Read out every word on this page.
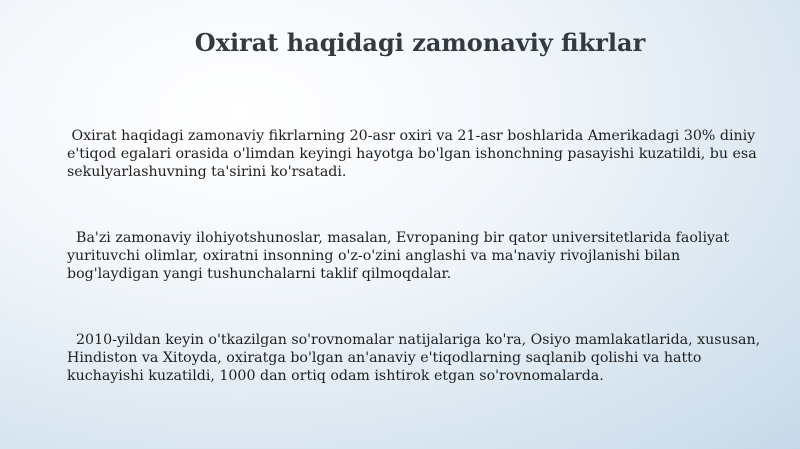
Oxirat haqidagi zamonaviy fikrlar

Oxirat haqidagi zamonaviy fikrlarning 20-asr oxiri va 21-asr boshlarida Amerikadagi 30% diniy e'tiqod egalari orasida o'limdan keyingi hayotga bo'lgan ishonchning pasayishi kuzatildi, bu esa sekulyarlashuvning ta'sirini ko'rsatadi.

Ba'zi zamonaviy ilohiyotshunoslar, masalan, Evropaning bir qator universitetlarida faoliyat yurituvchi olimlar, oxiratni insonning o'z-o'zini anglashi va ma'naviy rivojlanishi bilan bog'laydigan yangi tushunchalarni taklif qilmoqdalar.

2010-yildan keyin o'tkazilgan so'rovnomalar natijalariga ko'ra, Osiyo mamlakatlarida, xususan, Hindiston va Xitoyda, oxiratga bo'lgan an'anaviy e'tiqodlarning saqlanib qolishi va hatto kuchayishi kuzatildi, 1000 dan ortiq odam ishtirok etgan so'rovnomalarda.
